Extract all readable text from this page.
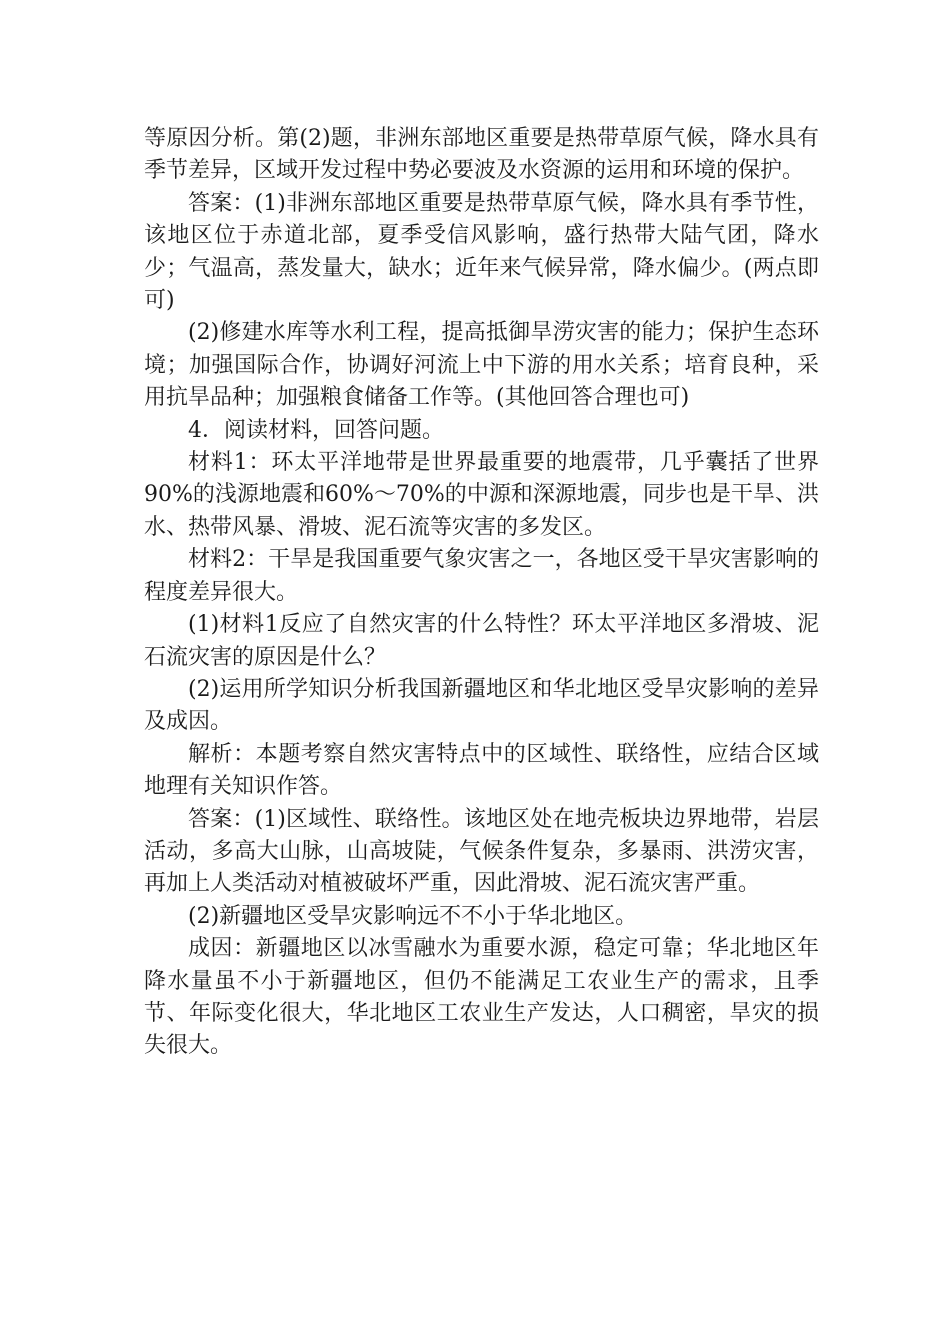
等原因分析。第(2)题，非洲东部地区重要是热带草原气候，降水具有季节差异，区域开发过程中势必要波及水资源的运用和环境的保护。

答案：(1)非洲东部地区重要是热带草原气候，降水具有季节性，该地区位于赤道北部，夏季受信风影响，盛行热带大陆气团，降水少；气温高，蒸发量大，缺水；近年来气候异常，降水偏少。(两点即可)

(2)修建水库等水利工程，提高抵御旱涝灾害的能力；保护生态环境；加强国际合作，协调好河流上中下游的用水关系；培育良种，采用抗旱品种；加强粮食储备工作等。(其他回答合理也可)

4．阅读材料，回答问题。

材料1：环太平洋地带是世界最重要的地震带，几乎囊括了世界90%的浅源地震和60%～70%的中源和深源地震，同步也是干旱、洪水、热带风暴、滑坡、泥石流等灾害的多发区。

材料2：干旱是我国重要气象灾害之一，各地区受干旱灾害影响的程度差异很大。

(1)材料1反应了自然灾害的什么特性？环太平洋地区多滑坡、泥石流灾害的原因是什么？

(2)运用所学知识分析我国新疆地区和华北地区受旱灾影响的差异及成因。

解析：本题考察自然灾害特点中的区域性、联络性，应结合区域地理有关知识作答。

答案：(1)区域性、联络性。该地区处在地壳板块边界地带，岩层活动，多高大山脉，山高坡陡，气候条件复杂，多暴雨、洪涝灾害，再加上人类活动对植被破坏严重，因此滑坡、泥石流灾害严重。

(2)新疆地区受旱灾影响远不不小于华北地区。

成因：新疆地区以冰雪融水为重要水源，稳定可靠；华北地区年降水量虽不小于新疆地区，但仍不能满足工农业生产的需求，且季节、年际变化很大，华北地区工农业生产发达，人口稠密，旱灾的损失很大。
